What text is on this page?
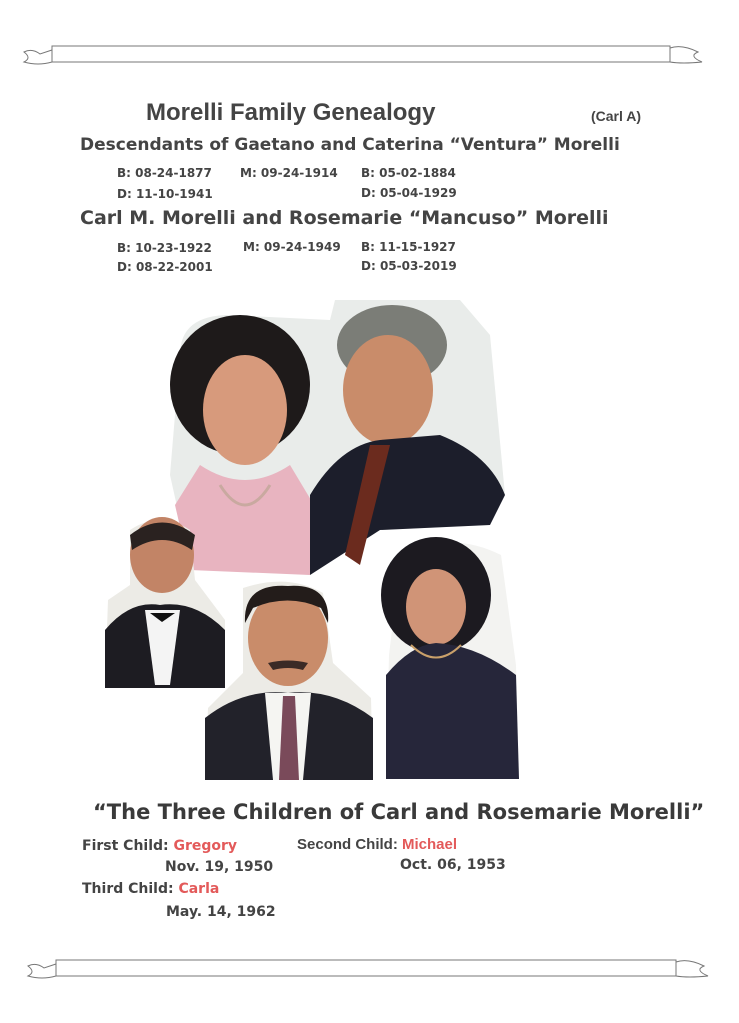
Morelli Family Genealogy	(Carl A)
Descendants of Gaetano and Caterina “Ventura” Morelli
B: 08-24-1877
D: 11-10-1941
M: 09-24-1914 B: 05-02-1884
D: 05-04-1929
Carl M. Morelli and Rosemarie “Mancuso” Morelli
B: 10-23-1922
D: 08-22-2001
M: 09-24-1949 B: 11-15-1927
D: 05-03-2019
“The Three Children of Carl and Rosemarie Morelli”
First Child: Gregory
Nov. 19, 1950
Second Child: Michael
Oct. 06, 1953
Third Child: Carla
May. 14, 1962
